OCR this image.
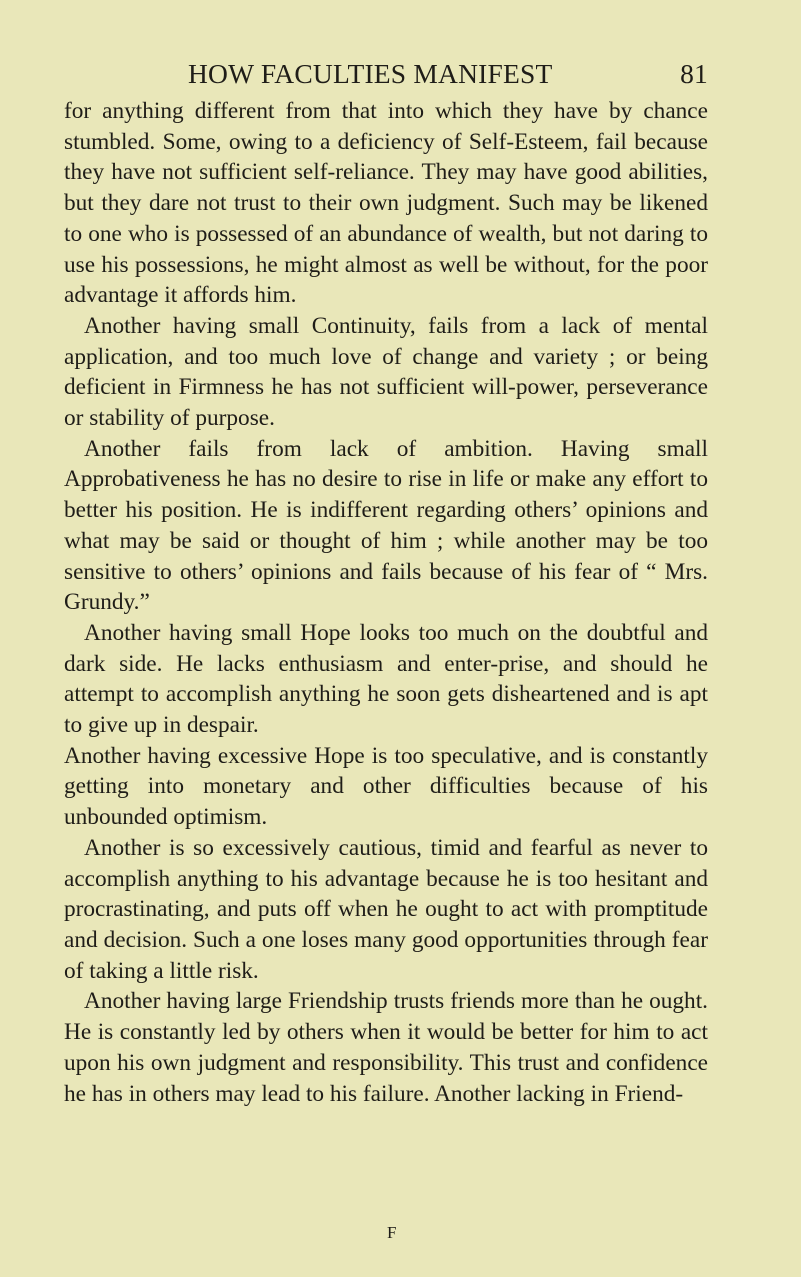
HOW FACULTIES MANIFEST	81

for anything different from that into which they have by chance stumbled. Some, owing to a deficiency of Self-Esteem, fail because they have not sufficient self-reliance. They may have good abilities, but they dare not trust to their own judgment. Such may be likened to one who is possessed of an abundance of wealth, but not daring to use his possessions, he might almost as well be without, for the poor advantage it affords him.

Another having small Continuity, fails from a lack of mental application, and too much love of change and variety ; or being deficient in Firmness he has not sufficient will-power, perseverance or stability of purpose.

Another fails from lack of ambition. Having small Approbativeness he has no desire to rise in life or make any effort to better his position. He is indifferent regarding others’ opinions and what may be said or thought of him ; while another may be too sensitive to others’ opinions and fails because of his fear of “ Mrs. Grundy.”

Another having small Hope looks too much on the doubtful and dark side. He lacks enthusiasm and enter-prise, and should he attempt to accomplish anything he soon gets disheartened and is apt to give up in despair.

Another having excessive Hope is too speculative, and is constantly getting into monetary and other difficulties because of his unbounded optimism.

Another is so excessively cautious, timid and fearful as never to accomplish anything to his advantage because he is too hesitant and procrastinating, and puts off when he ought to act with promptitude and decision. Such a one loses many good opportunities through fear of taking a little risk.

Another having large Friendship trusts friends more than he ought. He is constantly led by others when it would be better for him to act upon his own judgment and responsibility. This trust and confidence he has in others may lead to his failure. Another lacking in Friend-

F
